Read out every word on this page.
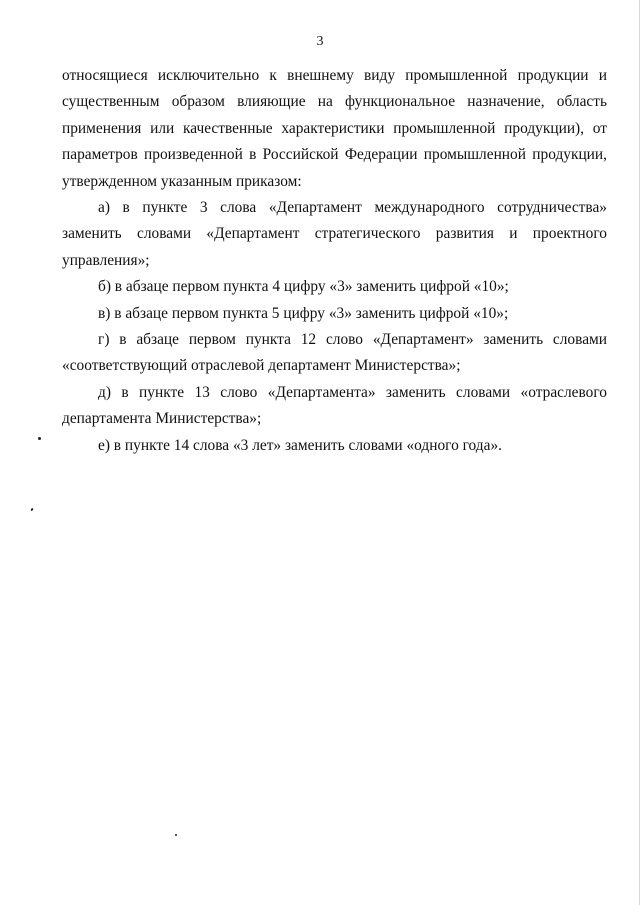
3

относящиеся исключительно к внешнему виду промышленной продукции и существенным образом влияющие на функциональное назначение, область применения или качественные характеристики промышленной продукции), от параметров произведенной в Российской Федерации промышленной продукции, утвержденном указанным приказом:

а) в пункте 3 слова «Департамент международного сотрудничества» заменить словами «Департамент стратегического развития и проектного управления»;

б) в абзаце первом пункта 4 цифру «3» заменить цифрой «10»;

в) в абзаце первом пункта 5 цифру «3» заменить цифрой «10»;

г) в абзаце первом пункта 12 слово «Департамент» заменить словами «соответствующий отраслевой департамент Министерства»;

д) в пункте 13 слово «Департамента» заменить словами «отраслевого департамента Министерства»;

е) в пункте 14 слова «3 лет» заменить словами «одного года».
